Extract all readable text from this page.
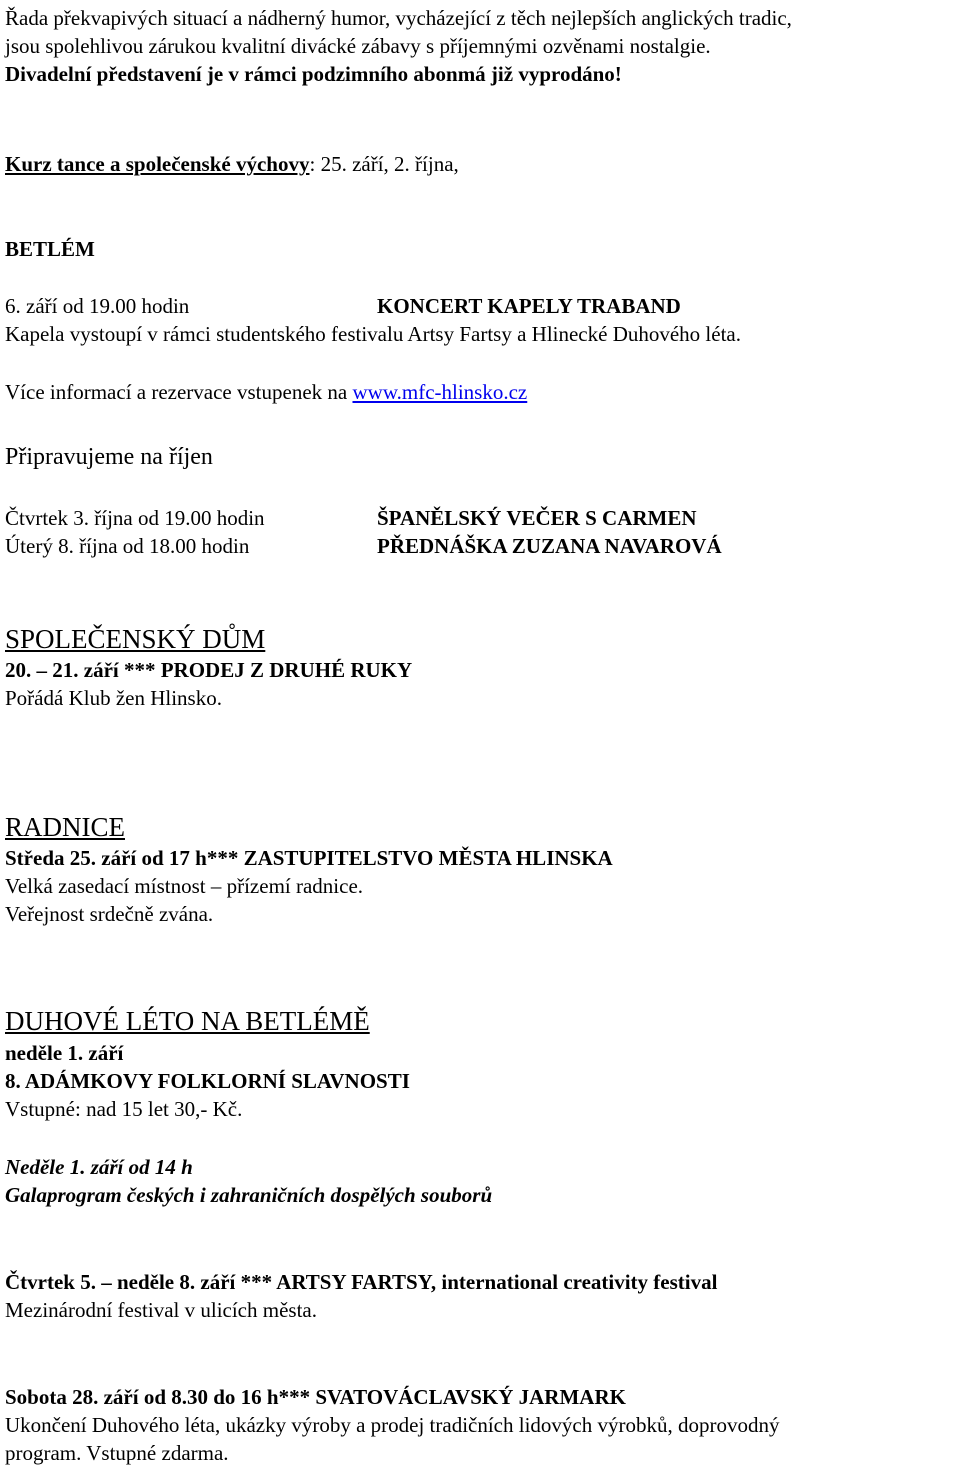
Řada překvapivých situací a nádherný humor, vycházející z těch nejlepších anglických tradic,

jsou spolehlivou zárukou kvalitní divácké zábavy s příjemnými ozvěnami nostalgie.

Divadelní představení je v rámci podzimního abonmá již vyprodáno!

Kurz tance a společenské výchovy: 25. září, 2. října,

BETLÉM

6. září od 19.00 hodin	KONCERT KAPELY TRABAND

Kapela vystoupí v rámci studentského festivalu Artsy Fartsy a Hlinecké Duhového léta.

Více informací a rezervace vstupenek na www.mfc-hlinsko.cz

Připravujeme na říjen

Čtvrtek 3. října od 19.00 hodin	ŠPANĚLSKÝ VEČER S CARMEN

Úterý 8. října od 18.00 hodin	PŘEDNÁŠKA ZUZANA NAVAROVÁ

SPOLEČENSKÝ DŮM

20. – 21. září *** PRODEJ Z DRUHÉ RUKY

Pořádá Klub žen Hlinsko.

RADNICE

Středa 25. září od 17 h*** ZASTUPITELSTVO MĚSTA HLINSKA

Velká zasedací místnost – přízemí radnice.

Veřejnost srdečně zvána.

DUHOVÉ LÉTO NA BETLÉMĚ

neděle 1. září

8. ADÁMKOVY FOLKLORNÍ SLAVNOSTI

Vstupné: nad 15 let 30,- Kč.

Neděle 1. září od 14 h

Galaprogram českých i zahraničních dospělých souborů

Čtvrtek 5. – neděle 8. září *** ARTSY FARTSY, international creativity festival

Mezinárodní festival v ulicích města.

Sobota 28. září od 8.30 do 16 h*** SVATOVÁCLAVSKÝ JARMARK

Ukončení Duhového léta, ukázky výroby a prodej tradičních lidových výrobků, doprovodný

program. Vstupné zdarma.
